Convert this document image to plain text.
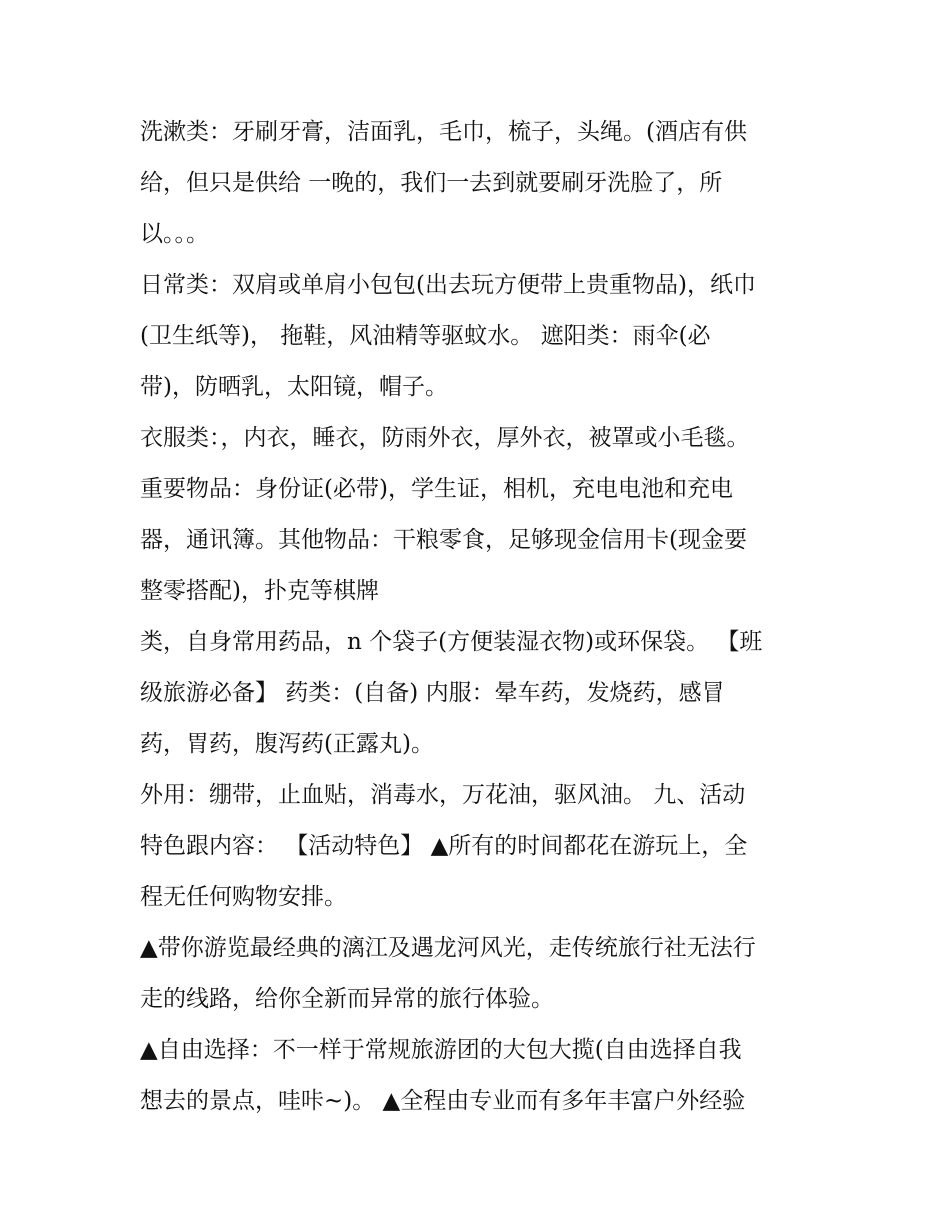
洗漱类：牙刷牙膏，洁面乳，毛巾，梳子，头绳。(酒店有供
给，但只是供给 一晚的，我们一去到就要刷牙洗脸了，所
以。。。
日常类：双肩或单肩小包包(出去玩方便带上贵重物品)，纸巾
(卫生纸等)， 拖鞋，风油精等驱蚊水。 遮阳类：雨伞(必
带)，防晒乳，太阳镜，帽子。
衣服类：，内衣，睡衣，防雨外衣，厚外衣，被罩或小毛毯。
重要物品：身份证(必带)，学生证，相机，充电电池和充电
器，通讯簿。其他物品：干粮零食，足够现金信用卡(现金要
整零搭配)，扑克等棋牌
类，自身常用药品，n 个袋子(方便装湿衣物)或环保袋。 【班
级旅游必备】 药类：(自备) 内服：晕车药，发烧药，感冒
药，胃药，腹泻药(正露丸)。
外用：绷带，止血贴，消毒水，万花油，驱风油。 九、活动
特色跟内容： 【活动特色】 ▲所有的时间都花在游玩上，全
程无任何购物安排。
▲带你游览最经典的漓江及遇龙河风光，走传统旅行社无法行
走的线路，给你全新而异常的旅行体验。
▲自由选择：不一样于常规旅游团的大包大揽(自由选择自我
想去的景点，哇咔~)。 ▲全程由专业而有多年丰富户外经验
